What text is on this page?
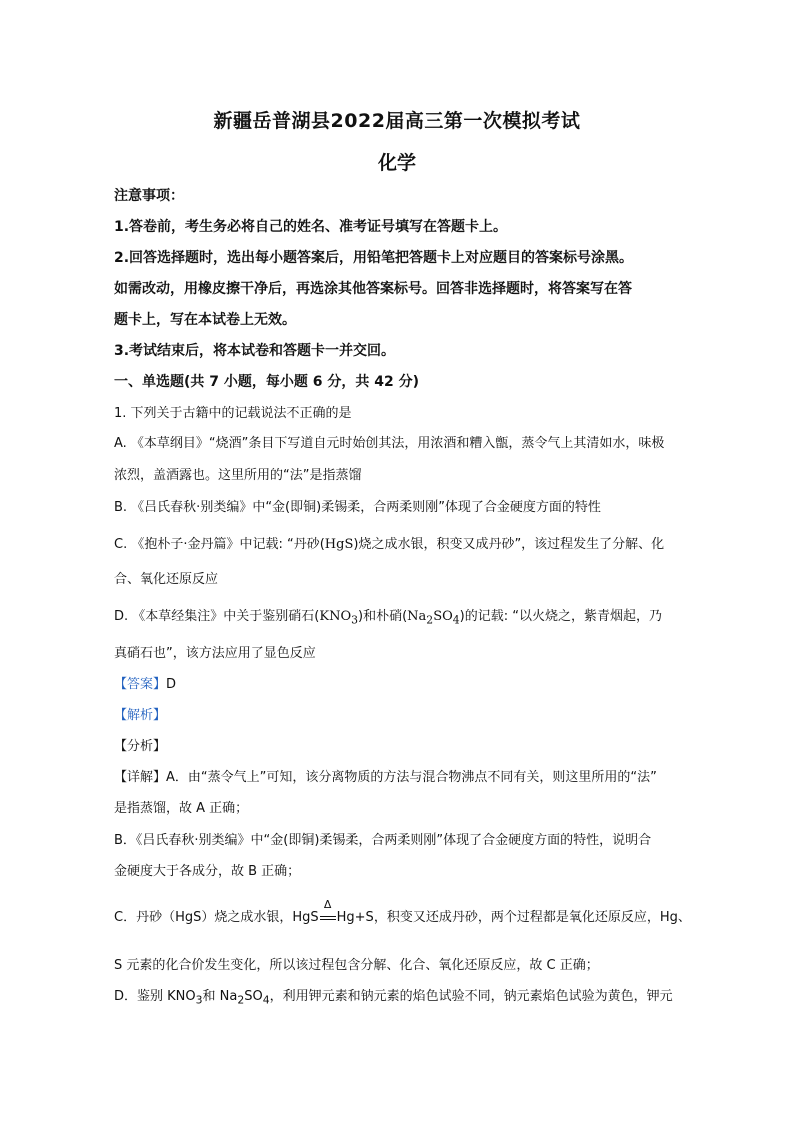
新疆岳普湖县2022届高三第一次模拟考试
化学
注意事项：
1.答卷前，考生务必将自己的姓名、准考证号填写在答题卡上。
2.回答选择题时，选出每小题答案后，用铅笔把答题卡上对应题目的答案标号涂黑。
如需改动，用橡皮擦干净后，再选涂其他答案标号。回答非选择题时，将答案写在答
题卡上，写在本试卷上无效。
3.考试结束后，将本试卷和答题卡一并交回。
一、单选题(共 7 小题，每小题 6 分，共 42 分)
1. 下列关于古籍中的记载说法不正确的是
A. 《本草纲目》“烧酒”条目下写道自元时始创其法，用浓酒和糟入甑，蒸令气上其清如水，味极
浓烈，盖酒露也。这里所用的“法”是指蒸馏
B. 《吕氏春秋·别类编》中“金(即铜)柔锡柔，合两柔则刚”体现了合金硬度方面的特性
C. 《抱朴子·金丹篇》中记载: “丹砂(HgS)烧之成水银，积变又成丹砂”，该过程发生了分解、化
合、氧化还原反应
D. 《本草经集注》中关于鉴别硝石$(KNO_3)$和朴硝$(Na_2SO_4)$的记载: “以火烧之，紫青烟起，乃
真硝石也”，该方法应用了显色反应
【答案】D
【解析】
【分析】
【详解】A．由“蒸令气上”可知，该分离物质的方法与混合物沸点不同有关，则这里所用的“法”
是指蒸馏，故 A 正确；
B．《吕氏春秋·别类编》中“金(即铜)柔锡柔，合两柔则刚”体现了合金硬度方面的特性，说明合
金硬度大于各成分，故 B 正确；
C．丹砂（HgS）烧之成水银，HgS
Δ
Hg+S，积变又还成丹砂，两个过程都是氧化还原反应，Hg、
S 元素的化合价发生变化，所以该过程包含分解、化合、氧化还原反应，故 C 正确；
D．鉴别 $KNO_3$和 $Na_2SO_4$，利用钾元素和钠元素的焰色试验不同，钠元素焰色试验为黄色，钾元
